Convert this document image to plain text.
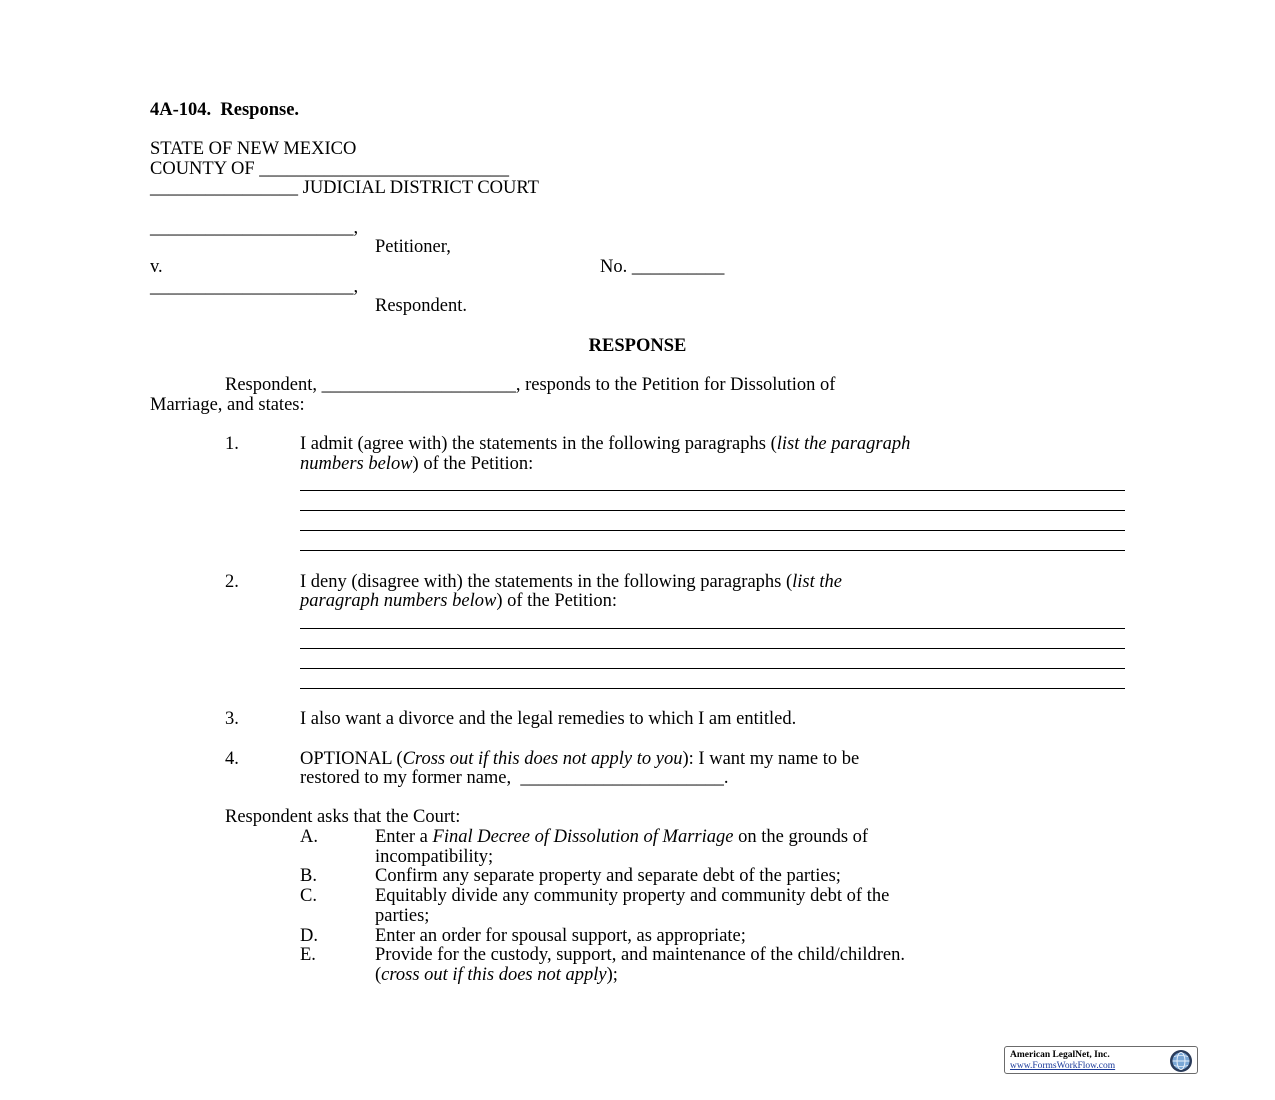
4A-104.  Response.
STATE OF NEW MEXICO
COUNTY OF ___________________________
________________ JUDICIAL DISTRICT COURT
______________________,
Petitioner,
v.	No. __________
______________________,
Respondent.
RESPONSE
Respondent, _____________________, responds to the Petition for Dissolution of
Marriage, and states:
1.	I admit (agree with) the statements in the following paragraphs (list the paragraph
numbers below) of the Petition:
2.	I deny (disagree with) the statements in the following paragraphs (list the
paragraph numbers below) of the Petition:
3.	I also want a divorce and the legal remedies to which I am entitled.
4.	OPTIONAL (Cross out if this does not apply to you): I want my name to be
restored to my former name,  ______________________.
Respondent asks that the Court:
A.	Enter a Final Decree of Dissolution of Marriage on the grounds of
incompatibility;
B.	Confirm any separate property and separate debt of the parties;
C.	Equitably divide any community property and community debt of the
parties;
D.	Enter an order for spousal support, as appropriate;
E.	Provide for the custody, support, and maintenance of the child/children.
(cross out if this does not apply);
American LegalNet, Inc.
www.FormsWorkFlow.com
